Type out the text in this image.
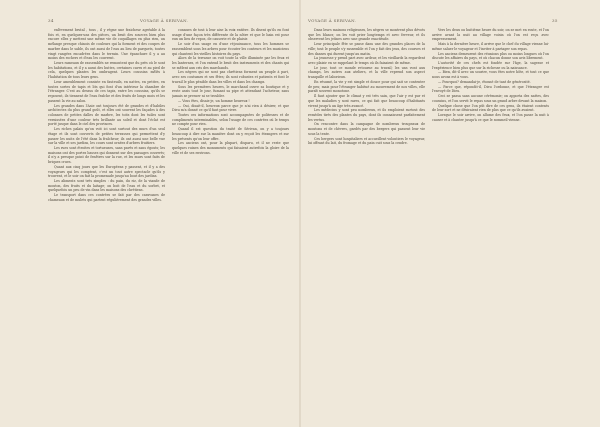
34	VOYAGE À SERIVAN.

enlèvement brutal , tous , il y règne une fraicheur agréable à la fois et, en quelques-uns des pièces, un bruit des sources bien plus encore elles y mettent une même vie de coquillages en plus rien, un mélange presque chinois de couleurs qui la forment et des coupes de marbre dans le sable, ils ont aussi de l'eau au lieu de parquets, toutes vingt rangées encadrées dans le terrain. Une épanchure il y a au moins des rochers et d'eau les couvrent.

Leurs rameaux de rassemblés ne remontent que du près où le sont les habitations, et il y a aussi des huttes, certaines caves et au pied de cela, quelques plantes les ombragent. Leurs coussins mêlés à l'habitation de tous leurs gens.

Leur ameublement consiste en fauteuils, en nattes, en petites, en toutes sortes de tapis et lits qui font d'un intérieur la chambre de l'étranger. C'est au dessus de ces tapis, entre les coussins, qu'ils se reposent, ils tiennent de l'eau fraîche et des fruits de longs mois et les passent la vie au salon.

Les grandes dans l'Asie ont toujours été de grandes et d'habiles architectes du plus grand goût, et elles ont souvent les façades à des colonnes de petites dalles de marbre, les toits dont les tuiles sont vernissées d'une couleur très brillante au soleil et dont l'éclat est porté jusque dans le ciel des provinces.

Les riches palais qu'on voit ici sont surtout des murs d'un seul étage et ils sont couverts de petites terrasses qui permettent d'y passer les nuits de l'été dans la fraîcheur; ils ont aussi une belle vue sur la ville et ses jardins, les cours sont ornées d'arbres fruitiers.

Les rues sont étroites et tortueuses, sans pavés et sans égouts; les maisons ont des portes basses qui donnent sur des passages couverts; il n'y a presque point de fenêtres sur la rue, et les murs sont faits de briques crues.

Quant aux cinq jours que les Européens y passent, et il y a des voyageurs qui les comptent, c'est un tout autre spectacle qu'ils y trouvent, et le soir on fait la promenade jusqu'au bout des jardins.

Les aliments sont très simples : du pain, du riz, de la viande de mouton, des fruits et du laitage; on boit de l'eau et du sorbet, et quelquefois un peu de vin dans les maisons des chrétiens.

Le transport dans ces contrées se fait par des caravanes de chameaux et de mulets qui partent régulièrement des grandes villes.

connues de tout à leur aise la voix entière. Ils disent qu'ils en font usage d'une façon très différente de la nôtre et que le bain est pour eux un lieu de repos, de causerie et de plaisir.

Le soir d'un usage en d'une réjouissance, tous les hommes se rassemblent sous les arbres pour écouter les conteurs et les musiciens qui chantent les vieilles histoires du pays.

Alors de la terrasse on voit toute la ville illuminée par les feux et les lanternes, et l'on entend le bruit des instruments et des chants qui se mêlent aux cris des marchands.

Les nègres qui ne sont pas chrétiens forment un peuple à part, avec ses coutumes et ses fêtes; ils sont robustes et patients et font le travail le plus pénible dans les villes et dans les champs.

Sous les premières heures, le marchand ouvre sa boutique et y reste assis tout le jour, fumant sa pipe et attendant l'acheteur, sans jamais se presser ni se troubler.

— Vous êtes, disais-je, un homme heureux !

— Oui, disait-il, heureux parce que je n'ai rien à désirer, et que Dieu m'a donné ce qu'il faut pour vivre.

Toutes ces informations sont accompagnées de politesses et de compliments interminables, selon l'usage de ces contrées où le temps ne compte pour rien.

Quand il est question du traité de Sérivan, on y a toujours beaucoup à dire sur la manière dont on y reçoit les étrangers et sur les présents qu'on leur offre.

Les anciens ont, pour la plupart, disparu, et il ne reste que quelques ruines des monuments qui faisaient autrefois la gloire de la ville et de ses environs.

VOYAGE À SERIVAN.	35

Dans leurs maisons religieuses, les nègres se montrent plus dévots que les blancs; on les voit prier longtemps et avec ferveur, et ils observent les jeûnes avec une grande exactitude.

Leur principale fête se passe dans une des grandes places de la ville; tout le peuple s'y rassemble et l'on y fait des jeux, des courses et des danses qui durent jusqu'au matin.

La jeunesse y prend part avec ardeur, et les vieillards la regardent avec plaisir en se rappelant le temps où ils faisaient de même.

Le jour, tout ce monde retourne au travail; les uns vont aux champs, les autres aux ateliers, et la ville reprend son aspect tranquille et laborieux.

En résumé, la vie y est simple et douce pour qui sait se contenter de peu; mais pour l'étranger habitué au mouvement de nos villes, elle paraît souvent monotone.

Il faut ajouter que le climat y est très sain, que l'air y est pur et que les maladies y sont rares, ce qui fait que beaucoup d'habitants vivent jusqu'à un âge très avancé.

Les médecins y sont peu nombreux, et ils emploient surtout des remèdes tirés des plantes du pays, dont ils connaissent parfaitement les vertus.

On rencontre dans la campagne de nombreux troupeaux de moutons et de chèvres, gardés par des bergers qui passent leur vie sous la tente.

Ces bergers sont hospitaliers et accueillent volontiers le voyageur, lui offrant du lait, du fromage et du pain cuit sous la cendre.

Vers les deux ou huitième heure du soir, on se met en route, et l'on arrive avant la nuit au village voisin où l'on est reçu avec empressement.

Mais à la dernière heure, il arrive que le chef du village vienne lui-même saluer le voyageur et l'inviter à partager son repas.

Les anciens demeurent des réunions plus ou moins longues où l'on discute les affaires du pays, et où chacun donne son avis librement.

L'autorité de ces chefs est fondée sur l'âge, la sagesse et l'expérience bien plus que sur la richesse ou la naissance.

— Bien, dit-il avec un sourire, vous êtes notre hôte, et tout ce que nous avons est à vous.

— Pourquoi? demandai-je, étonné de tant de générosité.

— Parce que, répondit-il, Dieu l'ordonne, et que l'étranger est l'envoyé de Dieu.

Ceci se passa sans aucune cérémonie; on apporta des nattes, des coussins, et l'on servit le repas sous un grand arbre devant la maison.

Quelque chose que l'on pût dire de ces gens, ils étaient contents de leur sort et ne désiraient rien de plus que ce qu'ils avaient.

Lorsque le soir arrive, on allume des feux, et l'on passe la nuit à causer et à chanter jusqu'à ce que le sommeil vienne.
